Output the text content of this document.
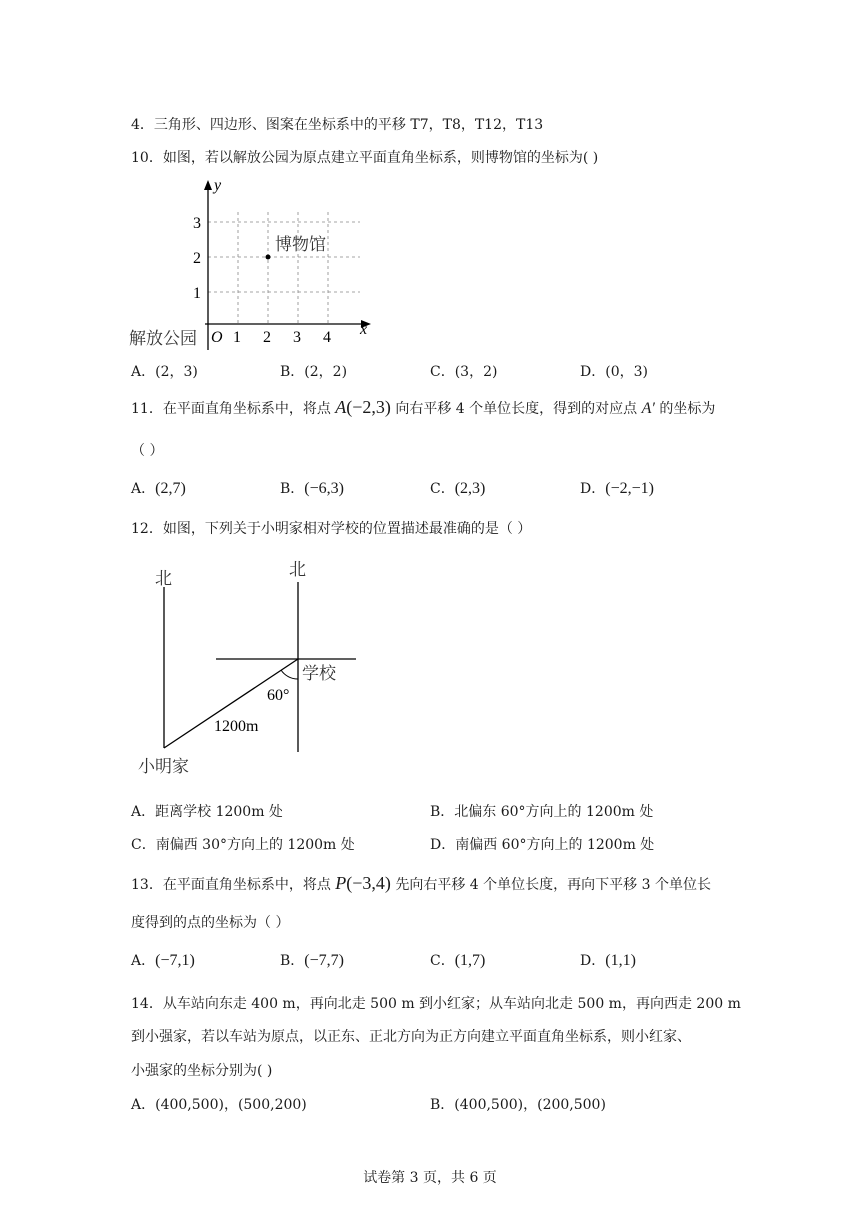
4．三角形、四边形、图案在坐标系中的平移 T7，T8，T12，T13
10．如图，若以解放公园为原点建立平面直角坐标系，则博物馆的坐标为( )
y
x
O 1 2 3 4
1
2
3
博物馆
解放公园
A．(2，3)	B．(2，2)	C．(3，2)	D．(0，3)
11．在平面直角坐标系中，将点 A(−2,3) 向右平移 4 个单位长度，得到的对应点 A′ 的坐标为
（ ）
A．(2,7)	B．(−6,3)	C．(2,3)	D．(−2,−1)
12．如图，下列关于小明家相对学校的位置描述最准确的是（ ）
北	北
学校
60°
1200m
小明家
A．距离学校 1200m 处	B．北偏东 60°方向上的 1200m 处
C．南偏西 30°方向上的 1200m 处	D．南偏西 60°方向上的 1200m 处
13．在平面直角坐标系中，将点 P(−3,4) 先向右平移 4 个单位长度，再向下平移 3 个单位长
度得到的点的坐标为（ ）
A．(−7,1)	B．(−7,7)	C．(1,7)	D．(1,1)
14．从车站向东走 400 m，再向北走 500 m 到小红家；从车站向北走 500 m，再向西走 200 m
到小强家，若以车站为原点，以正东、正北方向为正方向建立平面直角坐标系，则小红家、
小强家的坐标分别为( )
A．(400,500)，(500,200)	B．(400,500)，(200,500)
试卷第 3 页，共 6 页
